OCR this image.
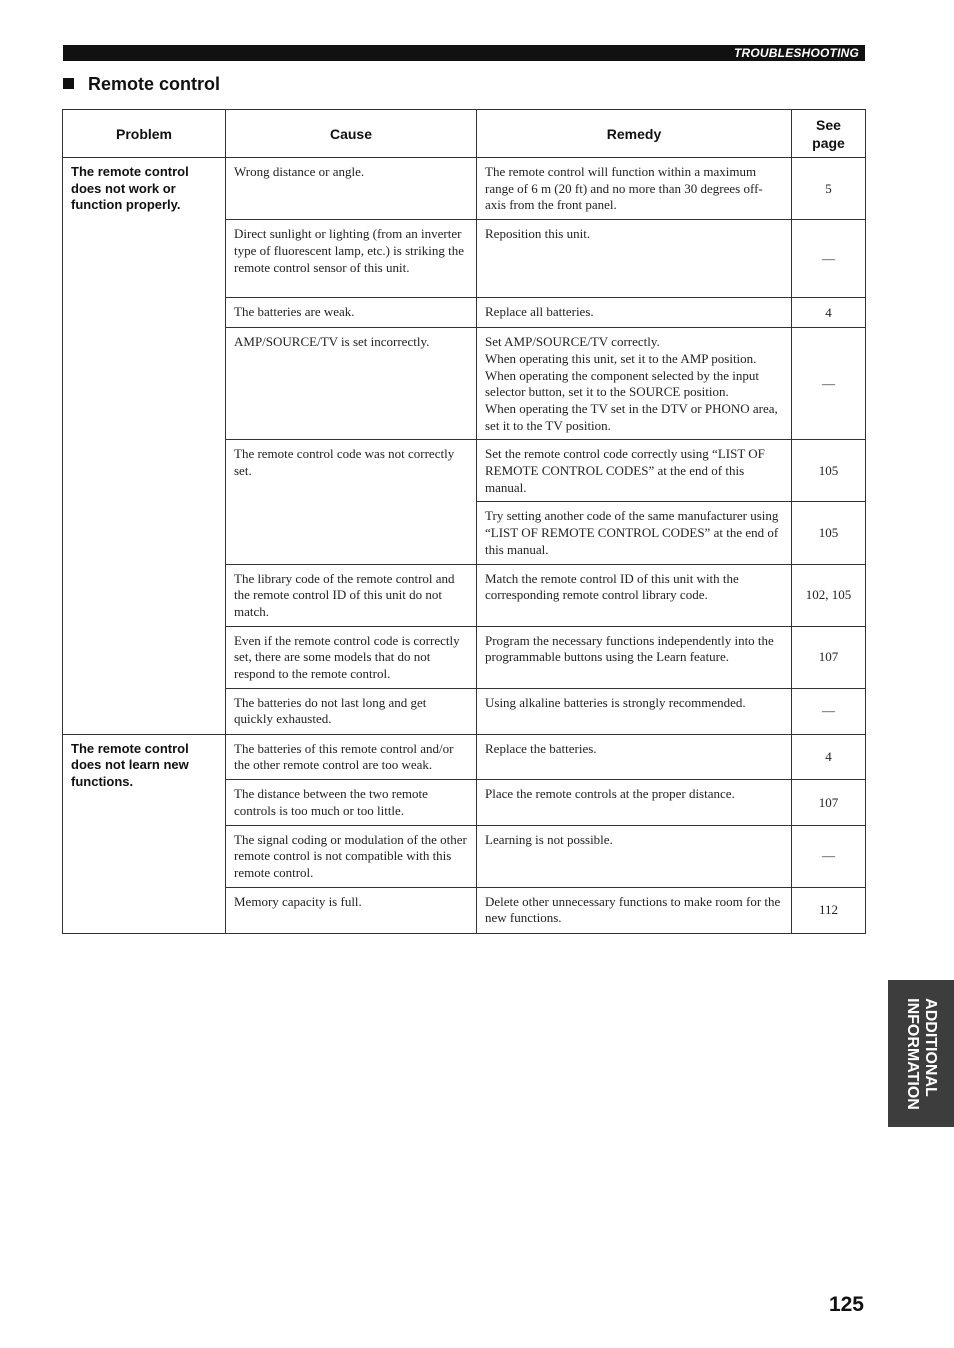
TROUBLESHOOTING
Remote control
Problem	Cause	Remedy	See page
The remote control does not work or function properly.	Wrong distance or angle.	The remote control will function within a maximum range of 6 m (20 ft) and no more than 30 degrees off-axis from the front panel.	5
	Direct sunlight or lighting (from an inverter type of fluorescent lamp, etc.) is striking the remote control sensor of this unit.	Reposition this unit.	—
	The batteries are weak.	Replace all batteries.	4
	AMP/SOURCE/TV is set incorrectly.	Set AMP/SOURCE/TV correctly.
When operating this unit, set it to the AMP position.
When operating the component selected by the input selector button, set it to the SOURCE position.
When operating the TV set in the DTV or PHONO area, set it to the TV position.	—
	The remote control code was not correctly set.	Set the remote control code correctly using “LIST OF REMOTE CONTROL CODES” at the end of this manual.	105
		Try setting another code of the same manufacturer using “LIST OF REMOTE CONTROL CODES” at the end of this manual.	105
	The library code of the remote control and the remote control ID of this unit do not match.	Match the remote control ID of this unit with the corresponding remote control library code.	102, 105
	Even if the remote control code is correctly set, there are some models that do not respond to the remote control.	Program the necessary functions independently into the programmable buttons using the Learn feature.	107
	The batteries do not last long and get quickly exhausted.	Using alkaline batteries is strongly recommended.	—
The remote control does not learn new functions.	The batteries of this remote control and/or the other remote control are too weak.	Replace the batteries.	4
	The distance between the two remote controls is too much or too little.	Place the remote controls at the proper distance.	107
	The signal coding or modulation of the other remote control is not compatible with this remote control.	Learning is not possible.	—
	Memory capacity is full.	Delete other unnecessary functions to make room for the new functions.	112
ADDITIONAL
INFORMATION
125
